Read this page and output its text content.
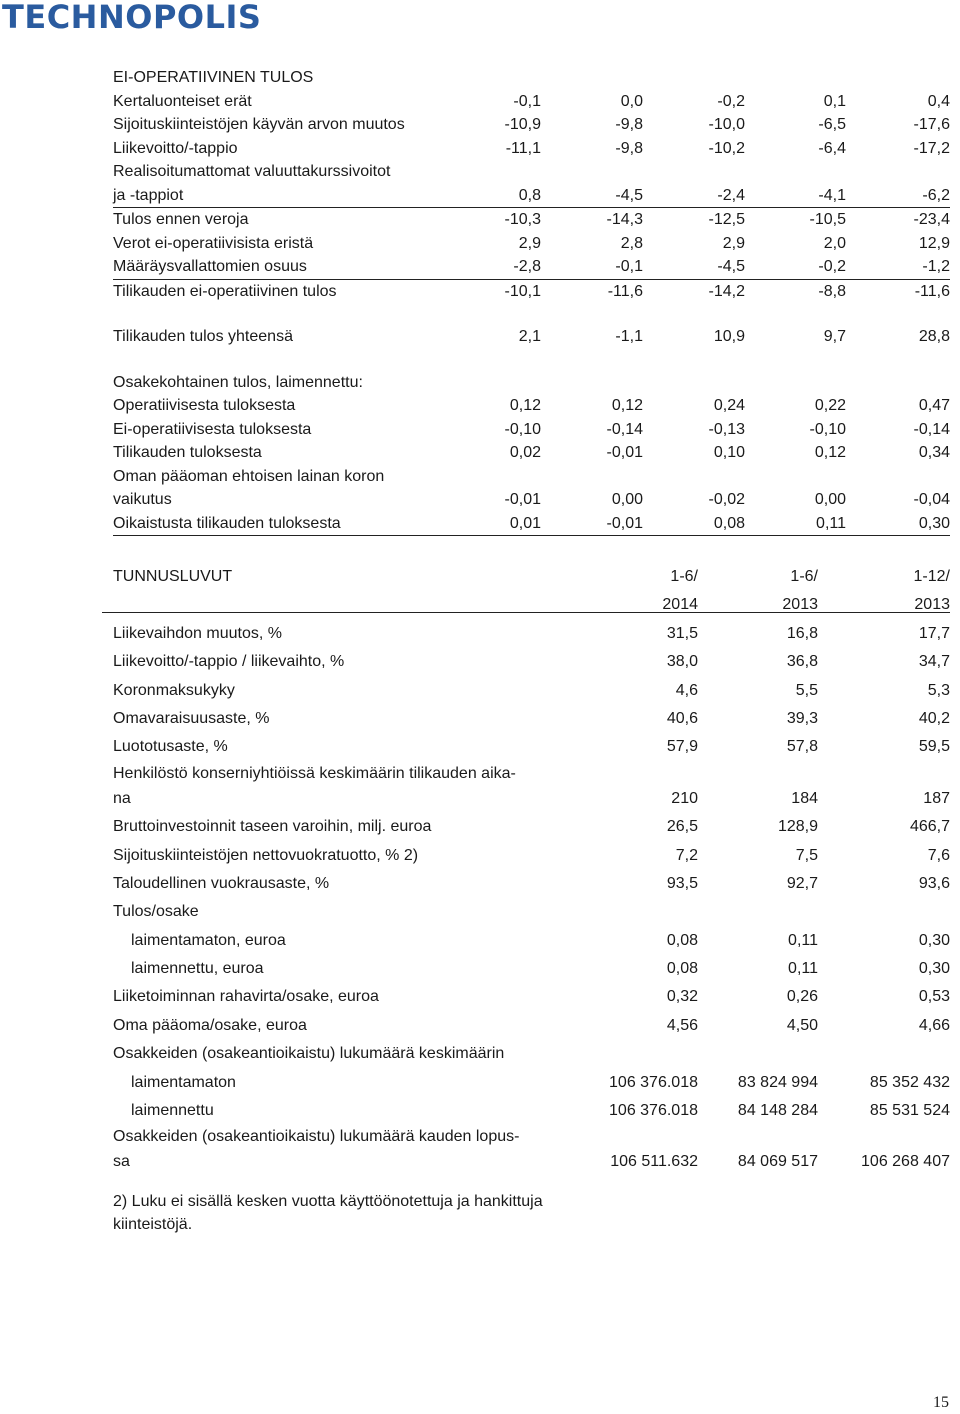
TECHNOPOLIS
EI-OPERATIIVINEN TULOS
Kertaluonteiset erät	-0,1	0,0	-0,2	0,1	0,4
Sijoituskiinteistöjen käyvän arvon muutos	-10,9	-9,8	-10,0	-6,5	-17,6
Liikevoitto/-tappio	-11,1	-9,8	-10,2	-6,4	-17,2
Realisoitumattomat valuuttakurssivoitot
ja -tappiot	0,8	-4,5	-2,4	-4,1	-6,2
Tulos ennen veroja	-10,3	-14,3	-12,5	-10,5	-23,4
Verot ei-operatiivisista eristä	2,9	2,8	2,9	2,0	12,9
Määräysvallattomien osuus	-2,8	-0,1	-4,5	-0,2	-1,2
Tilikauden ei-operatiivinen tulos	-10,1	-11,6	-14,2	-8,8	-11,6
Tilikauden tulos yhteensä	2,1	-1,1	10,9	9,7	28,8
Osakekohtainen tulos, laimennettu:
Operatiivisesta tuloksesta	0,12	0,12	0,24	0,22	0,47
Ei-operatiivisesta tuloksesta	-0,10	-0,14	-0,13	-0,10	-0,14
Tilikauden tuloksesta	0,02	-0,01	0,10	0,12	0,34
Oman pääoman ehtoisen lainan koron
vaikutus	-0,01	0,00	-0,02	0,00	-0,04
Oikaistusta tilikauden tuloksesta	0,01	-0,01	0,08	0,11	0,30
TUNNUSLUVUT	1-6/	1-6/	1-12/
2014	2013	2013
Liikevaihdon muutos, %	31,5	16,8	17,7
Liikevoitto/-tappio / liikevaihto, %	38,0	36,8	34,7
Koronmaksukyky	4,6	5,5	5,3
Omavaraisuusaste, %	40,6	39,3	40,2
Luototusaste, %	57,9	57,8	59,5
Henkilöstö konserniyhtiöissä keskimäärin tilikauden aika-
na	210	184	187
Bruttoinvestoinnit taseen varoihin, milj. euroa	26,5	128,9	466,7
Sijoituskiinteistöjen nettovuokratuotto, % 2)	7,2	7,5	7,6
Taloudellinen vuokrausaste, %	93,5	92,7	93,6
Tulos/osake
laimentamaton, euroa	0,08	0,11	0,30
laimennettu, euroa	0,08	0,11	0,30
Liiketoiminnan rahavirta/osake, euroa	0,32	0,26	0,53
Oma pääoma/osake, euroa	4,56	4,50	4,66
Osakkeiden (osakeantioikaistu) lukumäärä keskimäärin
laimentamaton	106 376.018	83 824 994	85 352 432
laimennettu	106 376.018	84 148 284	85 531 524
Osakkeiden (osakeantioikaistu) lukumäärä kauden lopus-
sa	106 511.632	84 069 517	106 268 407
2) Luku ei sisällä kesken vuotta käyttöönotettuja ja hankittuja kiinteistöjä.
15
